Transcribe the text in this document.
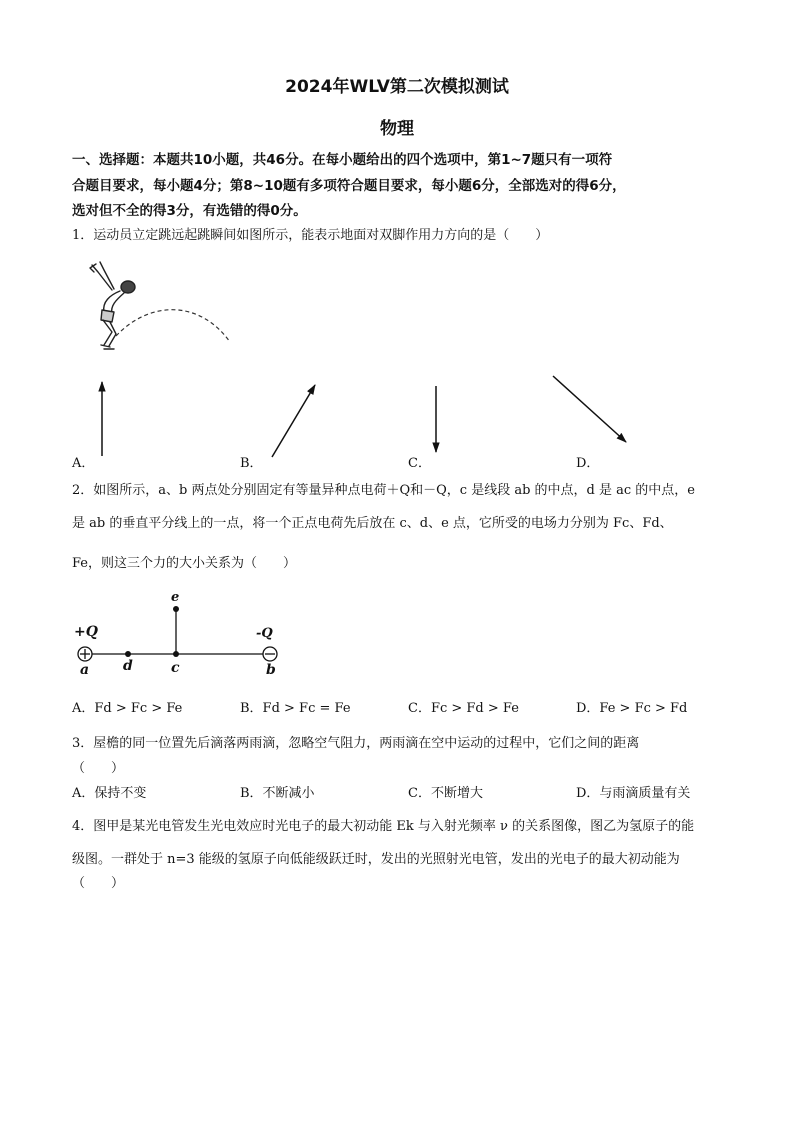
2024年WLV第二次模拟测试
物理
一、选择题：本题共10小题，共46分。在每小题给出的四个选项中，第1~7题只有一项符
合题目要求，每小题4分；第8~10题有多项符合题目要求，每小题6分，全部选对的得6分，
选对但不全的得3分，有选错的得0分。
1．运动员立定跳远起跳瞬间如图所示，能表示地面对双脚作用力方向的是（　　）
A．	B．	C．	D．
2．如图所示，a、b 两点处分别固定有等量异种点电荷＋Q和－Q，c 是线段 ab 的中点，d 是 ac 的中点，e
是 ab 的垂直平分线上的一点，将一个正点电荷先后放在 c、d、e 点，它所受的电场力分别为 Fc、Fd、
Fe，则这三个力的大小关系为（　　）
+Q	-Q
a	b
c
d
e
A．Fd > Fc > Fe	B．Fd > Fc = Fe	C．Fc > Fd > Fe	D．Fe > Fc > Fd
3．屋檐的同一位置先后滴落两雨滴，忽略空气阻力，两雨滴在空中运动的过程中，它们之间的距离
（　　）
A．保持不变	B．不断减小	C．不断增大	D．与雨滴质量有关
4．图甲是某光电管发生光电效应时光电子的最大初动能 Ek 与入射光频率 ν 的关系图像，图乙为氢原子的能
级图。一群处于 n=3 能级的氢原子向低能级跃迁时，发出的光照射光电管，发出的光电子的最大初动能为
（　　）
